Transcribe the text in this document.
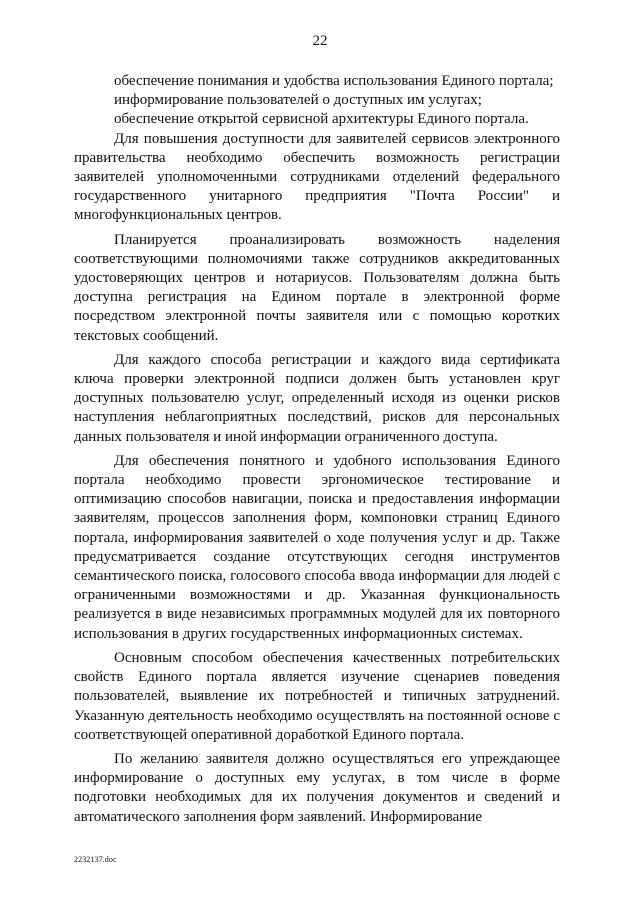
22

обеспечение понимания и удобства использования Единого портала;

информирование пользователей о доступных им услугах;

обеспечение открытой сервисной архитектуры Единого портала.

Для повышения доступности для заявителей сервисов электронного правительства необходимо обеспечить возможность регистрации заявителей уполномоченными сотрудниками отделений федерального государственного унитарного предприятия "Почта России" и многофункциональных центров.

Планируется проанализировать возможность наделения соответствующими полномочиями также сотрудников аккредитованных удостоверяющих центров и нотариусов. Пользователям должна быть доступна регистрация на Едином портале в электронной форме посредством электронной почты заявителя или с помощью коротких текстовых сообщений.

Для каждого способа регистрации и каждого вида сертификата ключа проверки электронной подписи должен быть установлен круг доступных пользователю услуг, определенный исходя из оценки рисков наступления неблагоприятных последствий, рисков для персональных данных пользователя и иной информации ограниченного доступа.

Для обеспечения понятного и удобного использования Единого портала необходимо провести эргономическое тестирование и оптимизацию способов навигации, поиска и предоставления информации заявителям, процессов заполнения форм, компоновки страниц Единого портала, информирования заявителей о ходе получения услуг и др. Также предусматривается создание отсутствующих сегодня инструментов семантического поиска, голосового способа ввода информации для людей с ограниченными возможностями и др. Указанная функциональность реализуется в виде независимых программных модулей для их повторного использования в других государственных информационных системах.

Основным способом обеспечения качественных потребительских свойств Единого портала является изучение сценариев поведения пользователей, выявление их потребностей и типичных затруднений. Указанную деятельность необходимо осуществлять на постоянной основе с соответствующей оперативной доработкой Единого портала.

По желанию заявителя должно осуществляться его упреждающее информирование о доступных ему услугах, в том числе в форме подготовки необходимых для их получения документов и сведений и автоматического заполнения форм заявлений. Информирование

2232137.doc
